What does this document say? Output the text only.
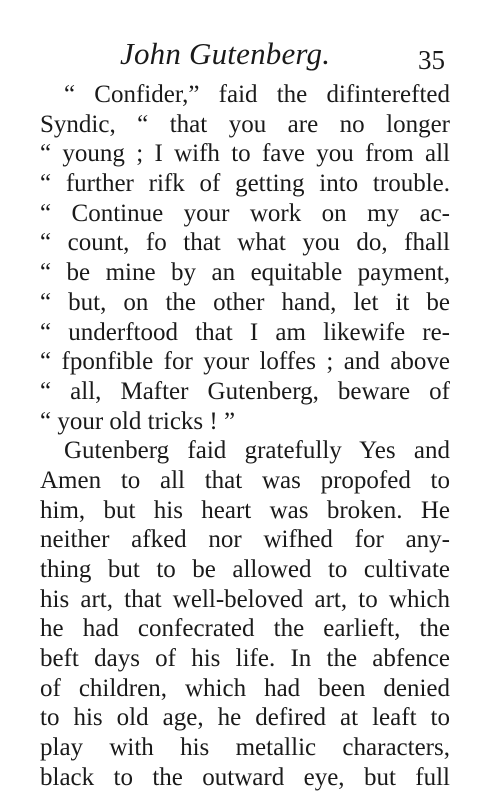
John Gutenberg.	35
“ Confider,” faid the difinterefted
Syndic, “ that you are no longer
“ young ; I wifh to fave you from all
“ further rifk of getting into trouble.
“ Continue your work on my ac-
“ count, fo that what you do, fhall
“ be mine by an equitable payment,
“ but, on the other hand, let it be
“ underftood that I am likewife re-
“ fponfible for your loffes ; and above
“ all, Mafter Gutenberg, beware of
“ your old tricks ! ”
Gutenberg faid gratefully Yes and
Amen to all that was propofed to
him, but his heart was broken. He
neither afked nor wifhed for any-
thing but to be allowed to cultivate
his art, that well-beloved art, to which
he had confecrated the earlieft, the
beft days of his life. In the abfence
of children, which had been denied
to his old age, he defired at leaft to
play with his metallic characters,
black to the outward eye, but full
